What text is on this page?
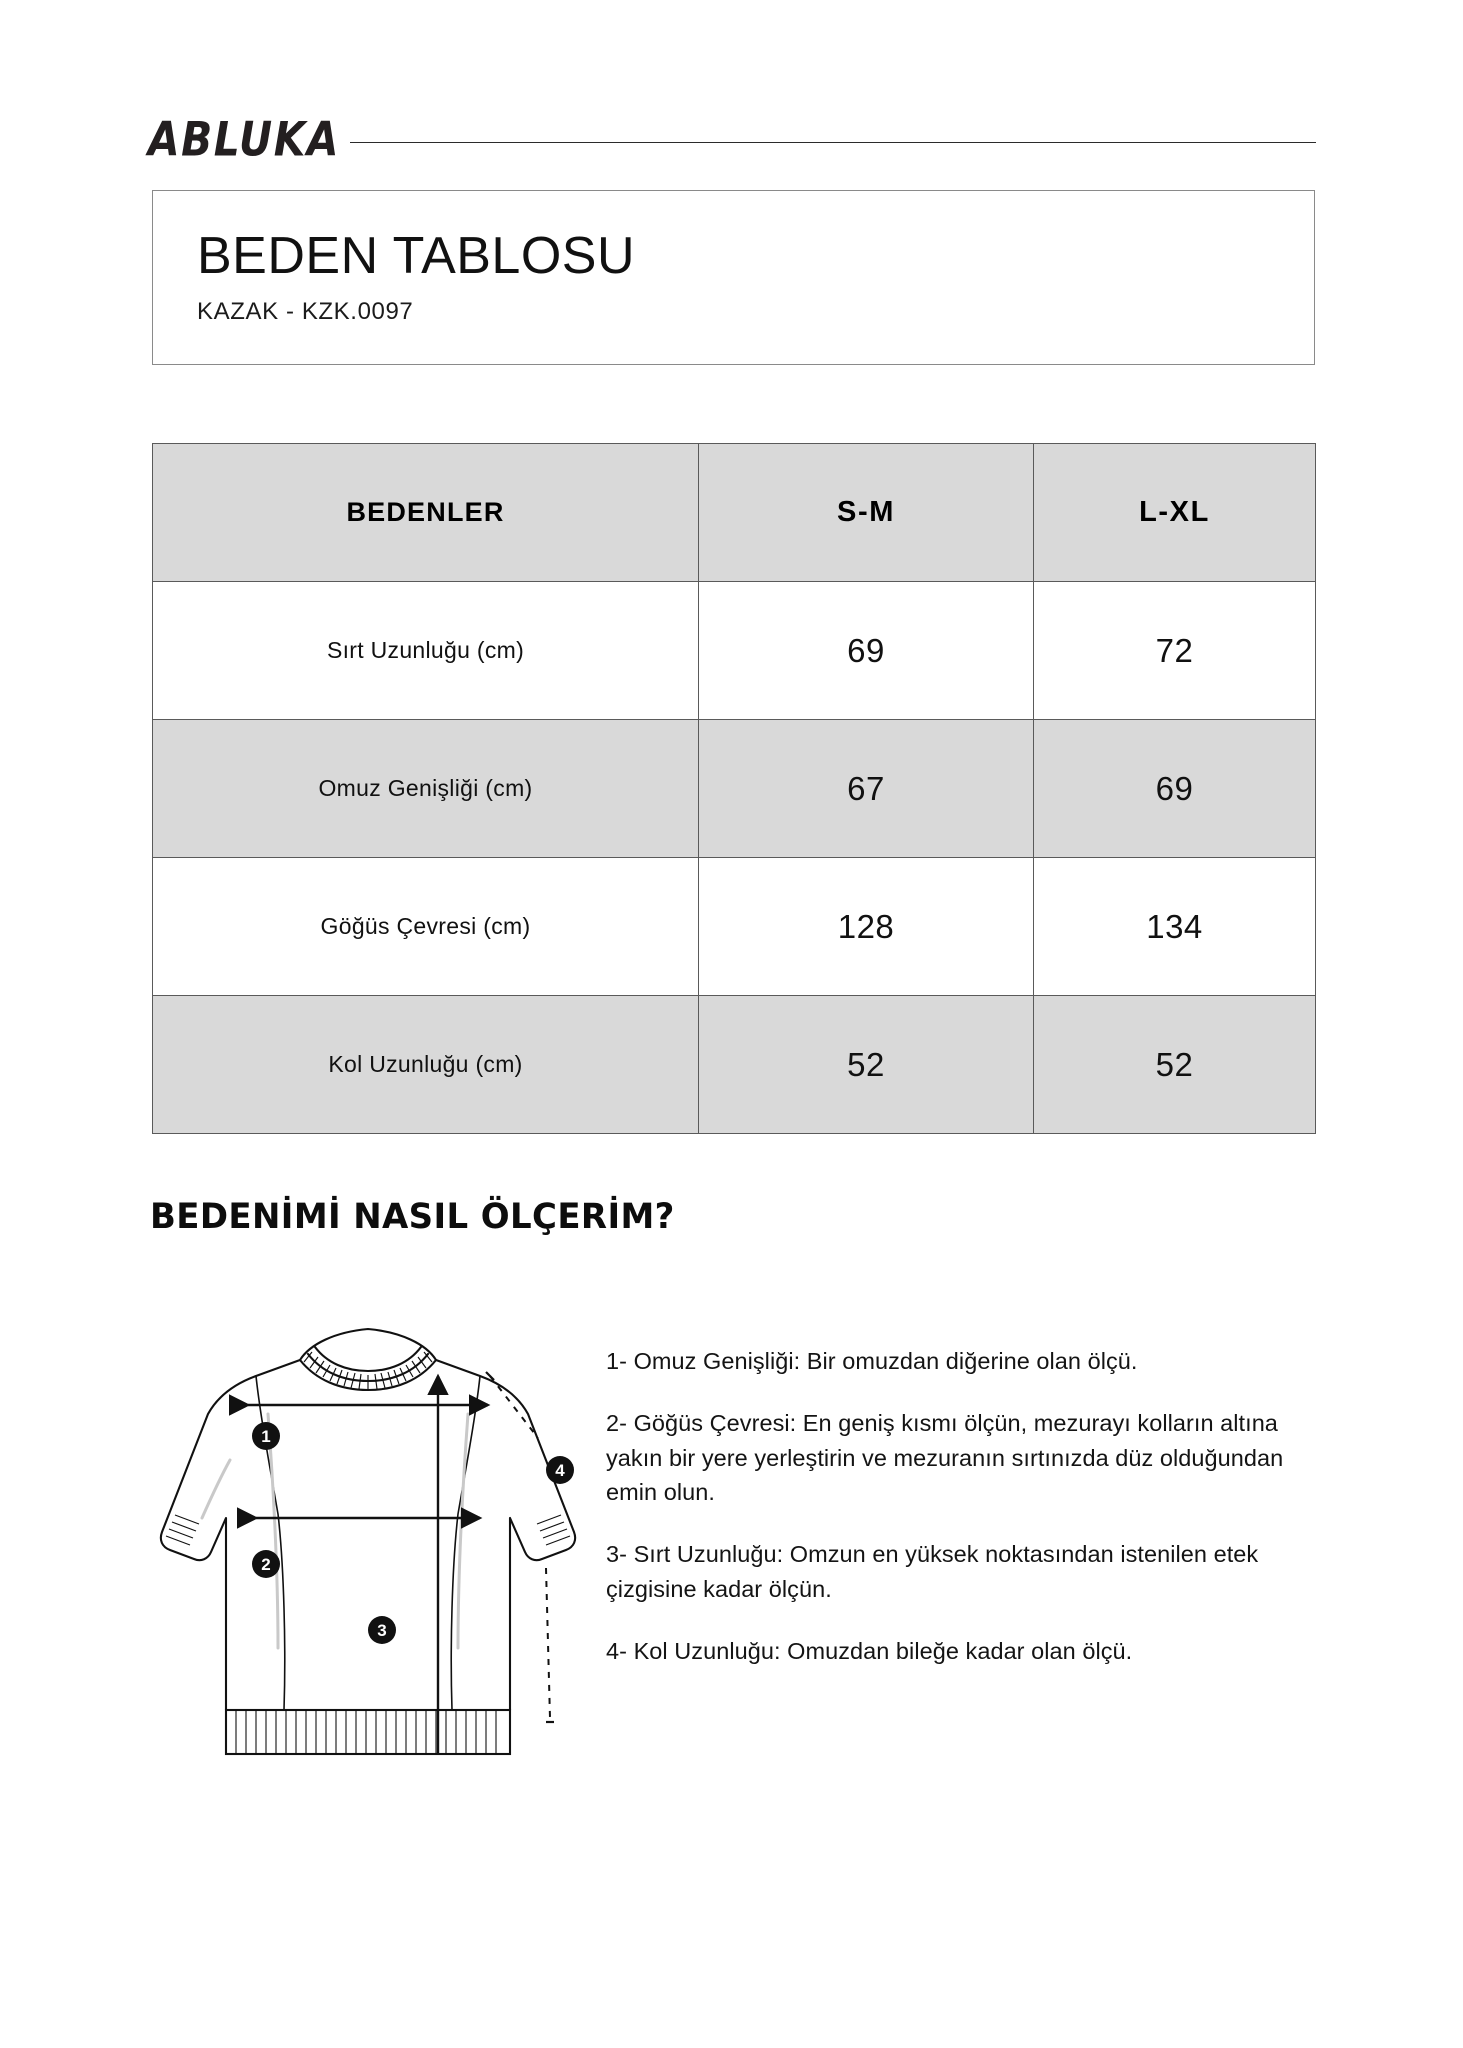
ABLUKA
BEDEN TABLOSU
KAZAK - KZK.0097
BEDENLER	S-M	L-XL
Sırt Uzunluğu (cm)	69	72
Omuz Genişliği (cm)	67	69
Göğüs Çevresi (cm)	128	134
Kol Uzunluğu (cm)	52	52
BEDENİMİ NASIL ÖLÇERİM?
1
2
3
4

1- Omuz Genişliği: Bir omuzdan diğerine olan ölçü.

2- Göğüs Çevresi: En geniş kısmı ölçün, mezurayı kolların altına yakın bir yere yerleştirin ve mezuranın sırtınızda düz olduğundan emin olun.

3- Sırt Uzunluğu: Omzun en yüksek noktasından istenilen etek çizgisine kadar ölçün.

4- Kol Uzunluğu: Omuzdan bileğe kadar olan ölçü.
